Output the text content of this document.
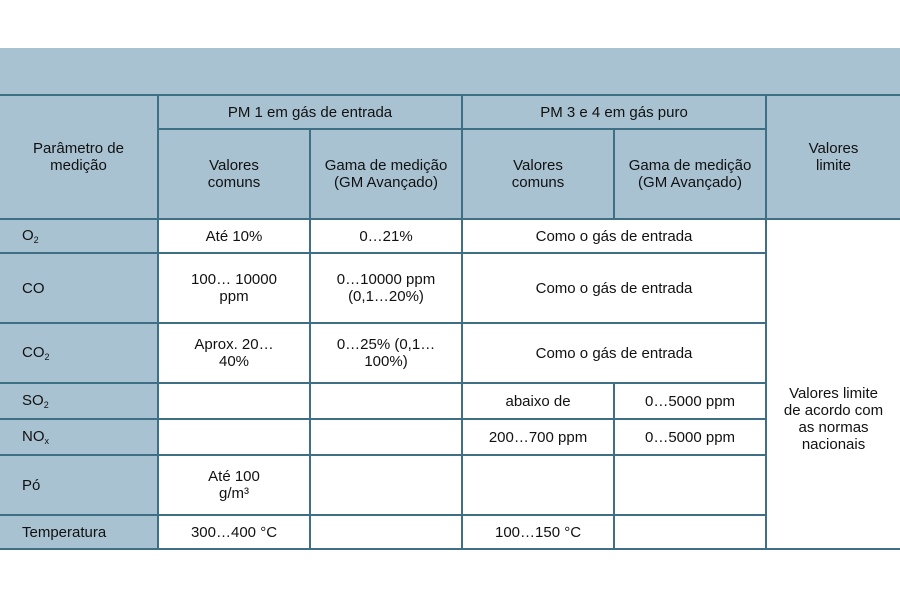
Parâmetro de medição	PM 1 em gás de entrada		PM 3 e 4 em gás puro		Valores limite
	Valores comuns	Gama de medição (GM Avançado)	Valores comuns	Gama de medição (GM Avançado)	
$O_2$	Até 10%	0…21%	Como o gás de entrada		Valores limite de acordo com as normas nacionais
CO	100… 10000 ppm	0…10000 ppm (0,1…20%)	Como o gás de entrada		
$CO_2$	Aprox. 20…40%	0…25% (0,1…100%)	Como o gás de entrada		
$SO_2$			abaixo de	0…5000 ppm	
$NO_x$			200…700 ppm	0…5000 ppm	
Pó	Até 100 g/m³				
Temperatura	300…400 °C		100…150 °C		
